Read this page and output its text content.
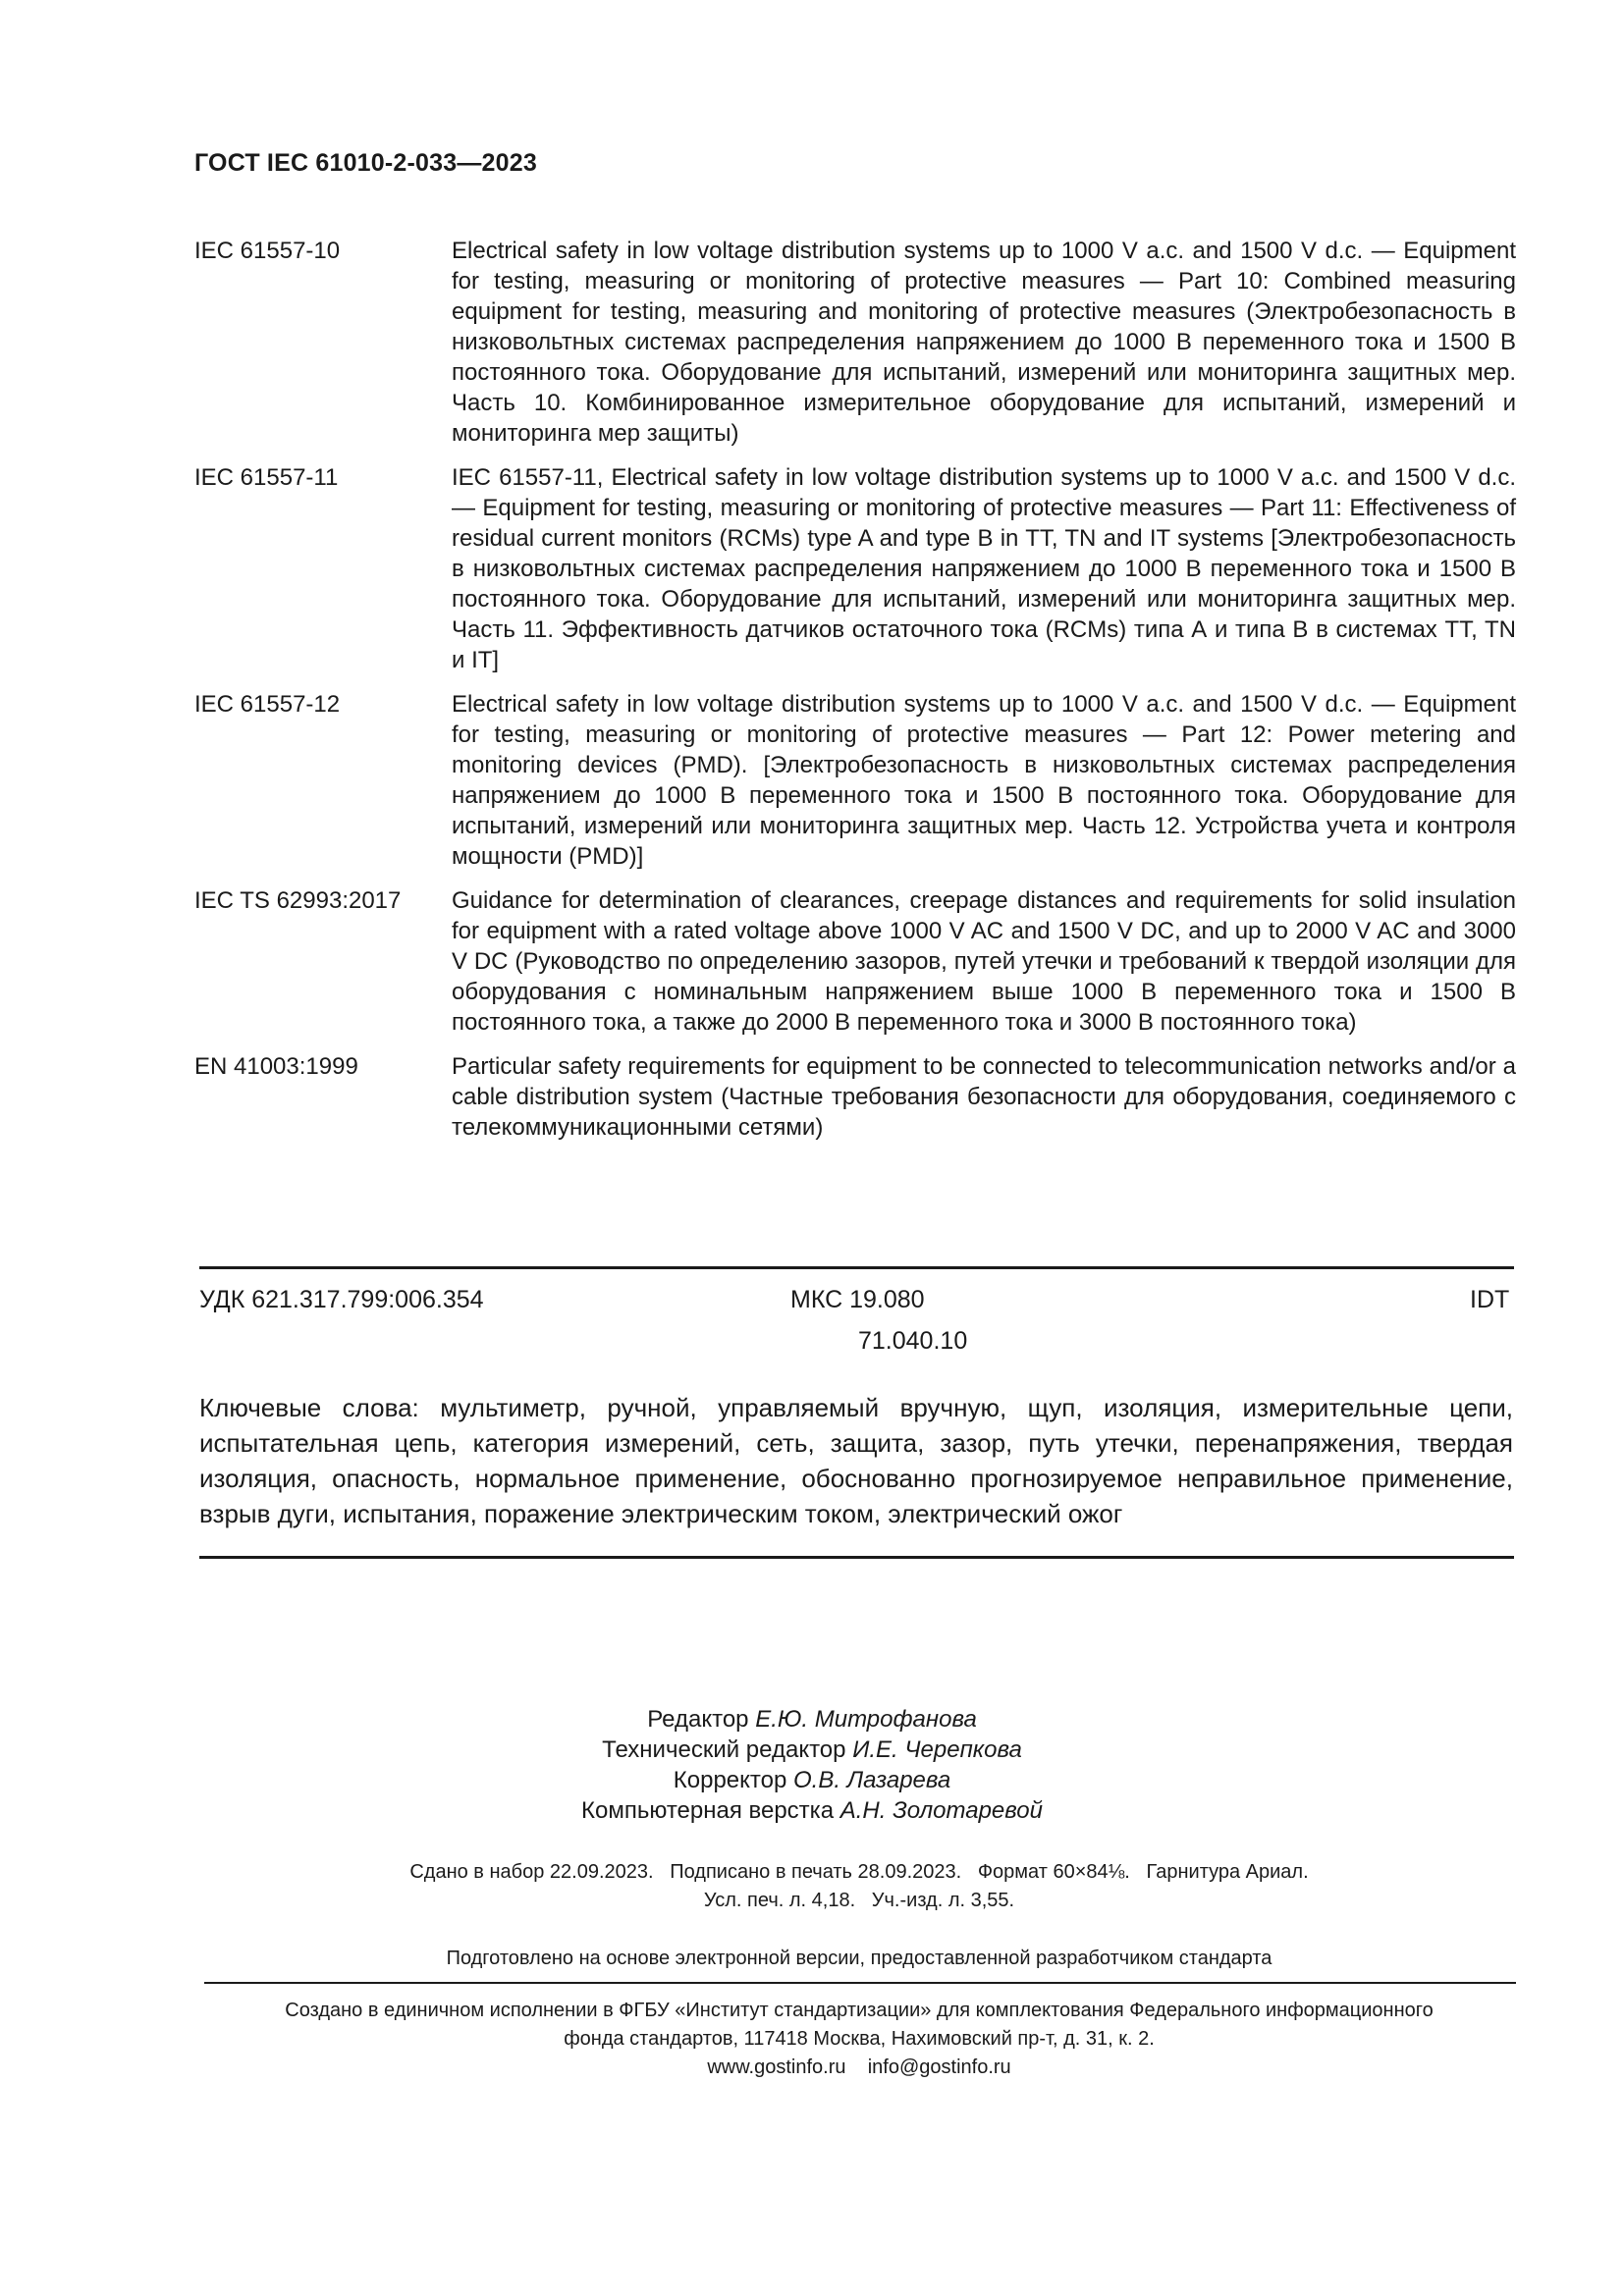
ГОСТ IEC 61010-2-033—2023
IEC 61557-10	Electrical safety in low voltage distribution systems up to 1000 V a.c. and 1500 V d.c. — Equipment for testing, measuring or monitoring of protective measures — Part 10: Combined measuring equipment for testing, measuring and monitoring of protective measures (Электробезопасность в низковольтных системах распределения напряжением до 1000 В переменного тока и 1500 В постоянного тока. Оборудование для испытаний, измерений или мониторинга защитных мер. Часть 10. Комбинированное измерительное оборудование для испытаний, измерений и мониторинга мер защиты)
IEC 61557-11	IEC 61557-11, Electrical safety in low voltage distribution systems up to 1000 V a.c. and 1500 V d.c. — Equipment for testing, measuring or monitoring of protective measures — Part 11: Effectiveness of residual current monitors (RCMs) type A and type B in TT, TN and IT systems [Электробезопасность в низковольтных системах распределения напряжением до 1000 В переменного тока и 1500 В постоянного тока. Оборудование для испытаний, измерений или мониторинга защитных мер. Часть 11. Эффективность датчиков остаточного тока (RCMs) типа А и типа В в системах TT, TN и IT]
IEC 61557-12	Electrical safety in low voltage distribution systems up to 1000 V a.c. and 1500 V d.c. — Equipment for testing, measuring or monitoring of protective measures — Part 12: Power metering and monitoring devices (PMD). [Электробезопасность в низковольтных системах распределения напряжением до 1000 В переменного тока и 1500 В постоянного тока. Оборудование для испытаний, измерений или мониторинга защитных мер. Часть 12. Устройства учета и контроля мощности (PMD)]
IEC TS 62993:2017	Guidance for determination of clearances, creepage distances and requirements for solid insulation for equipment with a rated voltage above 1000 V AC and 1500 V DC, and up to 2000 V AC and 3000 V DC (Руководство по определению зазоров, путей утечки и требований к твердой изоляции для оборудования с номинальным напряжением выше 1000 В переменного тока и 1500 В постоянного тока, а также до 2000 В переменного тока и 3000 В постоянного тока)
EN 41003:1999	Particular safety requirements for equipment to be connected to telecommunication networks and/or a cable distribution system (Частные требования безопасности для оборудования, соединяемого с телекоммуникационными сетями)
УДК 621.317.799:006.354	МКС 19.080
71.040.10
IDT
Ключевые слова: мультиметр, ручной, управляемый вручную, щуп, изоляция, измерительные цепи, испытательная цепь, категория измерений, сеть, защита, зазор, путь утечки, перенапряжения, твердая изоляция, опасность, нормальное применение, обоснованно прогнозируемое неправильное применение, взрыв дуги, испытания, поражение электрическим током, электрический ожог
Редактор Е.Ю. Митрофанова
Технический редактор И.Е. Черепкова
Корректор О.В. Лазарева
Компьютерная верстка А.Н. Золотаревой
Сдано в набор 22.09.2023.   Подписано в печать 28.09.2023.   Формат 60×84⅛.   Гарнитура Ариал.
Усл. печ. л. 4,18.   Уч.-изд. л. 3,55.
Подготовлено на основе электронной версии, предоставленной разработчиком стандарта
Создано в единичном исполнении в ФГБУ «Институт стандартизации» для комплектования Федерального информационного
фонда стандартов, 117418 Москва, Нахимовский пр-т, д. 31, к. 2.
www.gostinfo.ru    info@gostinfo.ru
